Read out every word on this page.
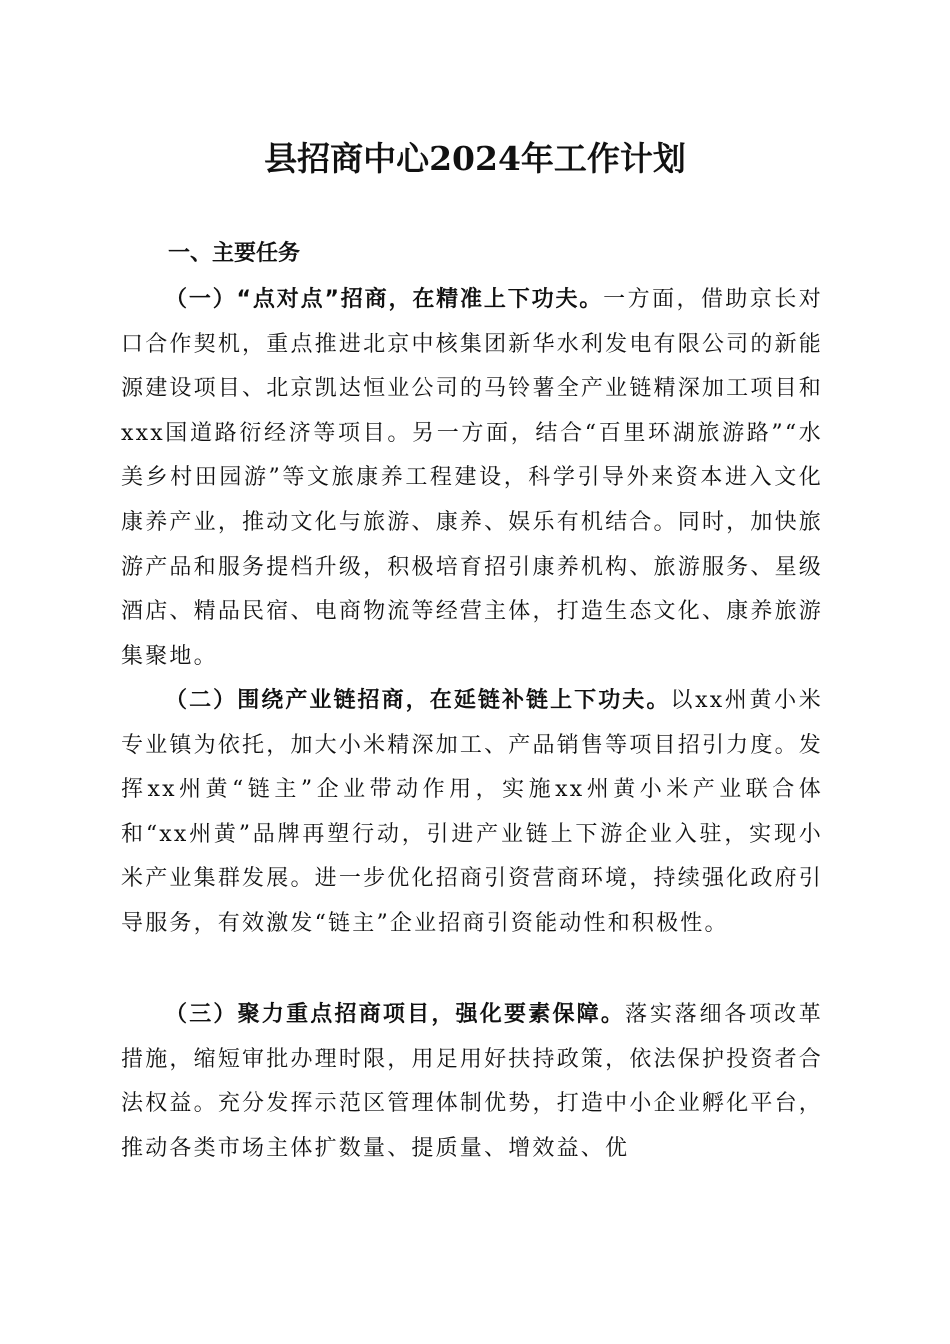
县招商中心2024年工作计划
一、主要任务

（一）“点对点”招商，在精准上下功夫。一方面，借助京长对口合作契机，重点推进北京中核集团新华水利发电有限公司的新能源建设项目、北京凯达恒业公司的马铃薯全产业链精深加工项目和xxx国道路衍经济等项目。另一方面，结合“百里环湖旅游路”“水美乡村田园游”等文旅康养工程建设，科学引导外来资本进入文化康养产业，推动文化与旅游、康养、娱乐有机结合。同时，加快旅游产品和服务提档升级，积极培育招引康养机构、旅游服务、星级酒店、精品民宿、电商物流等经营主体，打造生态文化、康养旅游集聚地。

（二）围绕产业链招商，在延链补链上下功夫。以xx州黄小米专业镇为依托，加大小米精深加工、产品销售等项目招引力度。发挥xx州黄“链主”企业带动作用，实施xx州黄小米产业联合体和“xx州黄”品牌再塑行动，引进产业链上下游企业入驻，实现小米产业集群发展。进一步优化招商引资营商环境，持续强化政府引导服务，有效激发“链主”企业招商引资能动性和积极性。

（三）聚力重点招商项目，强化要素保障。落实落细各项改革措施，缩短审批办理时限，用足用好扶持政策，依法保护投资者合法权益。充分发挥示范区管理体制优势，打造中小企业孵化平台，推动各类市场主体扩数量、提质量、增效益、优
